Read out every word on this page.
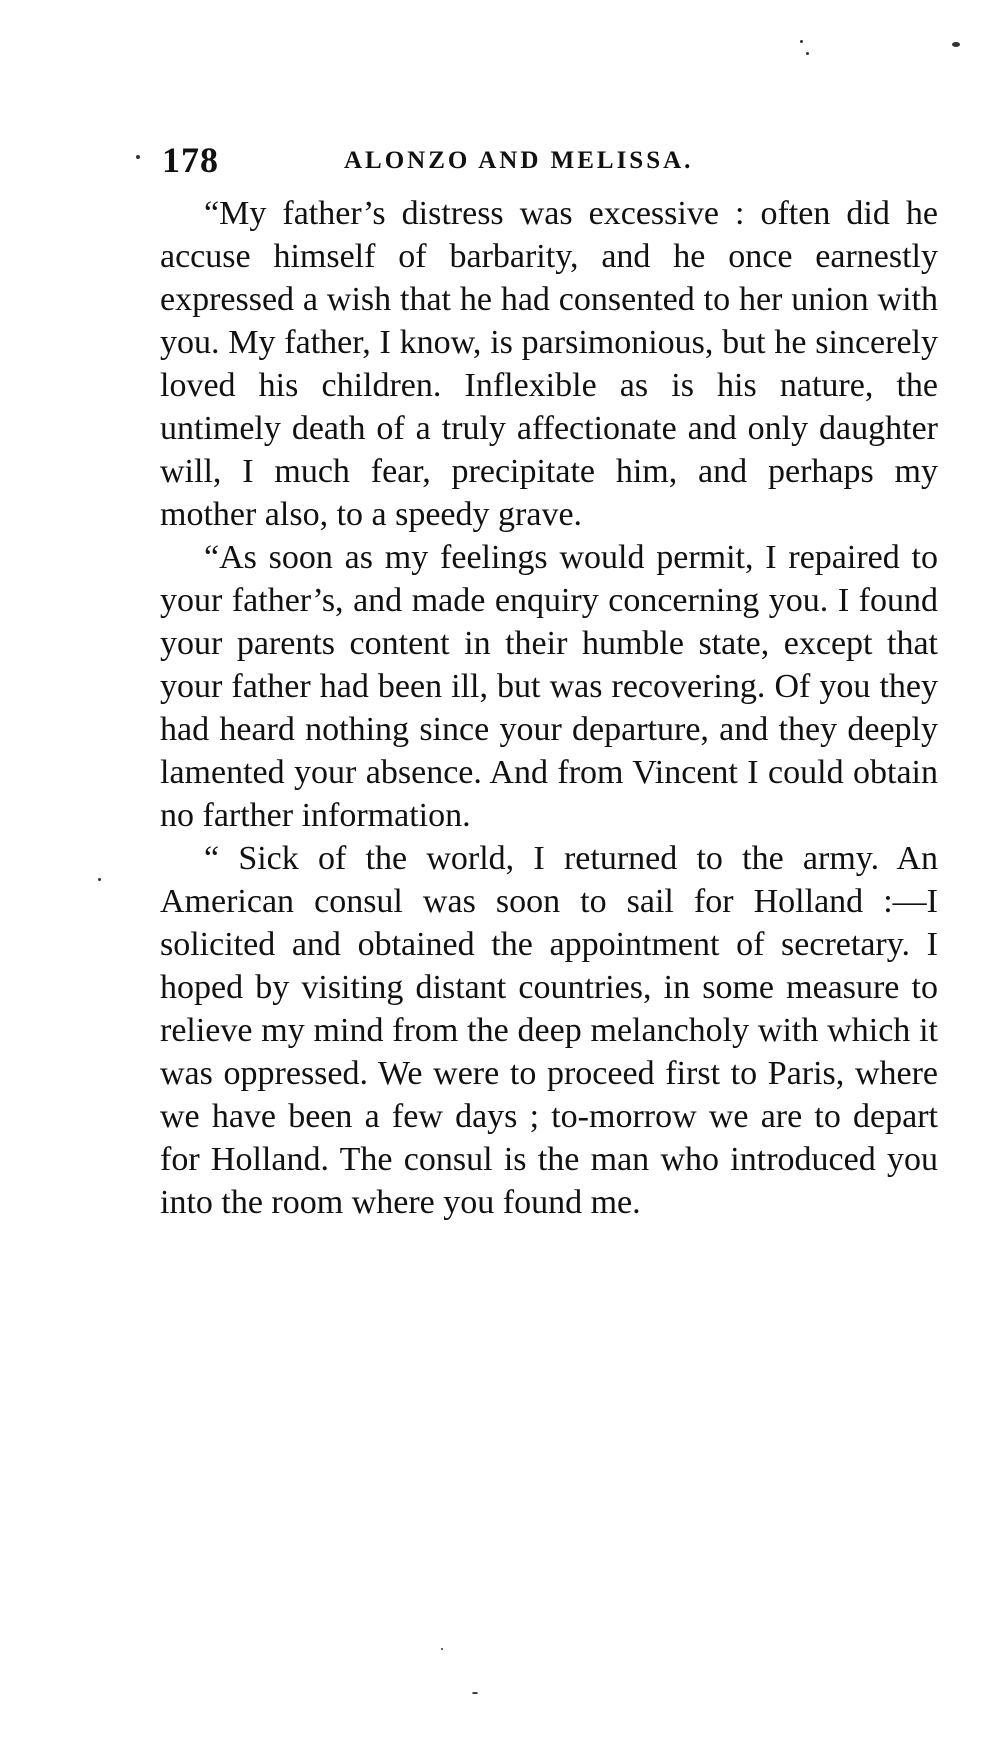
178	ALONZO AND MELISSA.

“My father’s distress was excessive : often did he accuse himself of barbarity, and he once earnestly expressed a wish that he had consented to her union with you. My father, I know, is parsimonious, but he sincerely loved his children. Inflexible as is his nature, the untimely death of a truly affectionate and only daughter will, I much fear, precipitate him, and perhaps my mother also, to a speedy grave.

“As soon as my feelings would permit, I repaired to your father’s, and made enquiry concerning you. I found your parents content in their humble state, except that your father had been ill, but was recovering. Of you they had heard nothing since your departure, and they deeply lamented your absence. And from Vincent I could obtain no farther information.

“ Sick of the world, I returned to the army. An American consul was soon to sail for Holland :—I solicited and obtained the appointment of secretary. I hoped by visiting distant countries, in some measure to relieve my mind from the deep melancholy with which it was oppressed. We were to proceed first to Paris, where we have been a few days ; to-morrow we are to depart for Holland. The consul is the man who introduced you into the room where you found me.
